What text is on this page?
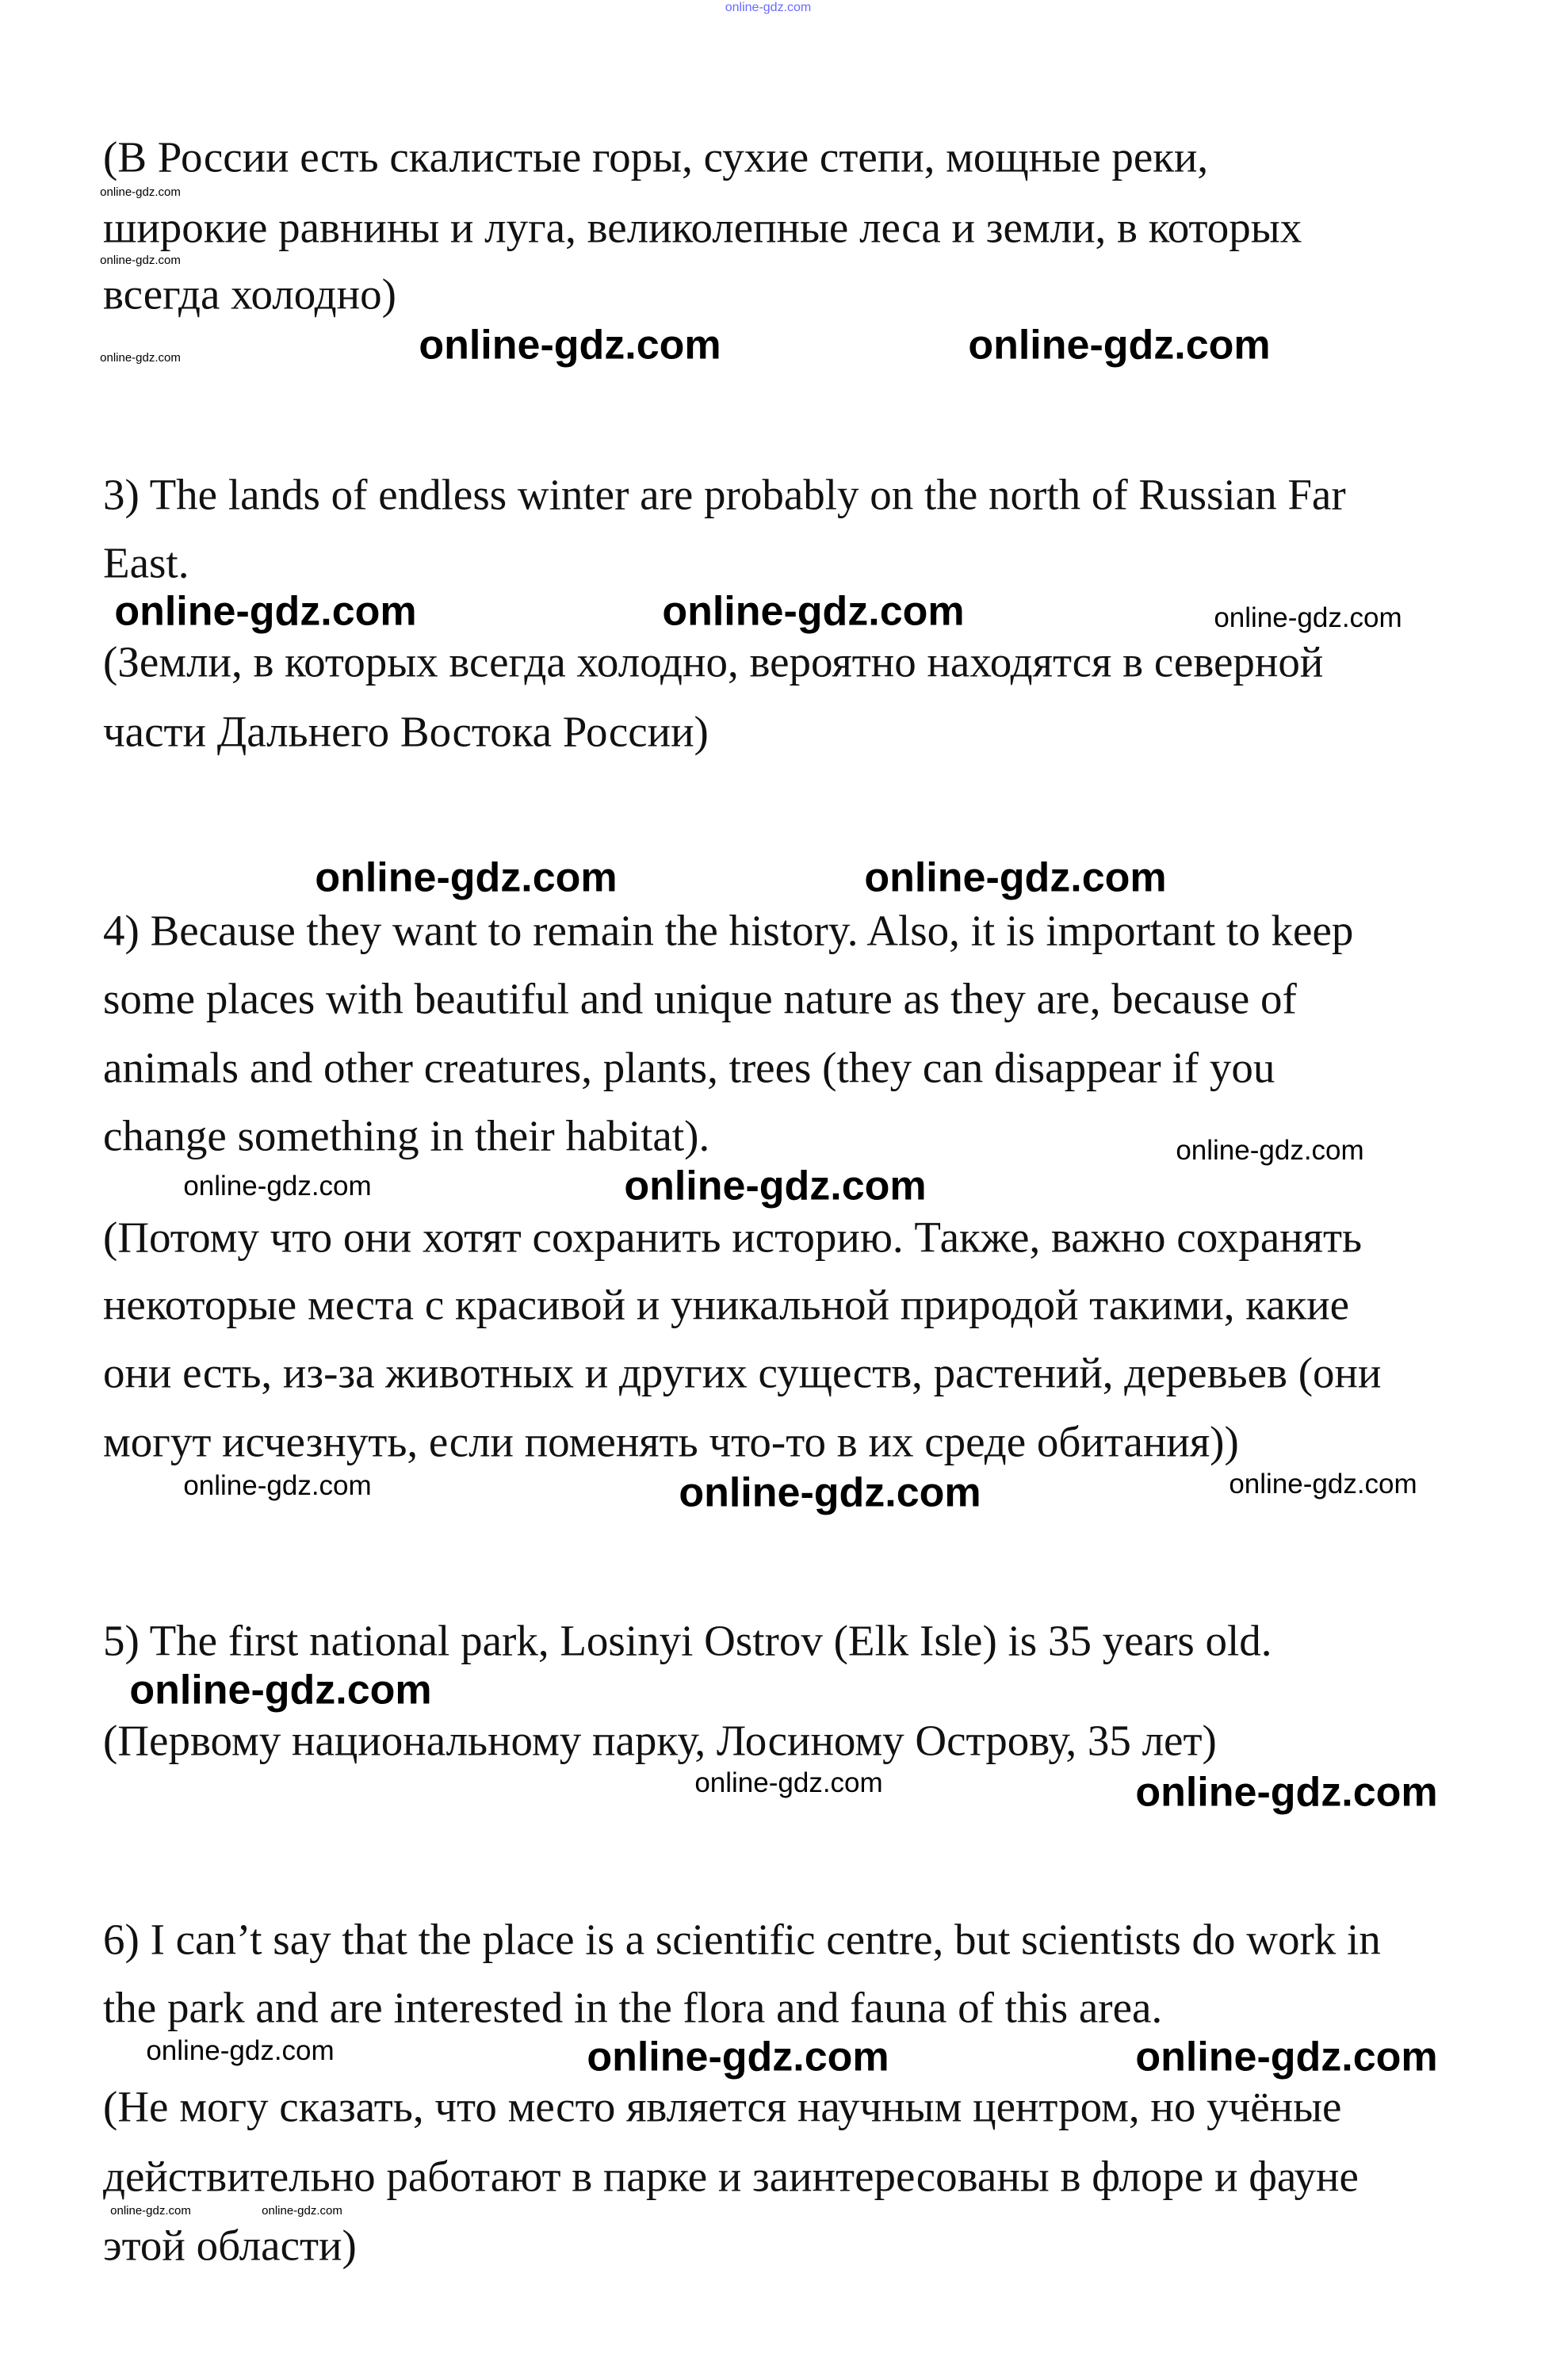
(В России есть скалистые горы, сухие степи, мощные реки,
широкие равнины и луга, великолепные леса и земли, в которых
всегда холодно)
3) The lands of endless winter are probably on the north of Russian Far
East.
(Земли, в которых всегда холодно, вероятно находятся в северной
части Дальнего Востока России)
4) Because they want to remain the history. Also, it is important to keep
some places with beautiful and unique nature as they are, because of
animals and other creatures, plants, trees (they can disappear if you
change something in their habitat).
(Потому что они хотят сохранить историю. Также, важно сохранять
некоторые места с красивой и уникальной природой такими, какие
они есть, из-за животных и других существ, растений, деревьев (они
могут исчезнуть, если поменять что-то в их среде обитания))
5) The first national park, Losinyi Ostrov (Elk Isle) is 35 years old.
(Первому национальному парку, Лосиному Острову, 35 лет)
6) I can’t say that the place is a scientific centre, but scientists do work in
the park and are interested in the flora and fauna of this area.
(Не могу сказать, что место является научным центром, но учёные
действительно работают в парке и заинтересованы в флоре и фауне
этой области)
online-gdz.com
online-gdz.com	online-gdz.com
online-gdz.com	online-gdz.com
online-gdz.com	online-gdz.com
online-gdz.com
online-gdz.com
online-gdz.com
online-gdz.com
online-gdz.com	online-gdz.com
online-gdz.com
online-gdz.com
online-gdz.com
online-gdz.com	online-gdz.com
online-gdz.com
online-gdz.com
online-gdz.com
online-gdz.com
online-gdz.com
online-gdz.com	online-gdz.com
